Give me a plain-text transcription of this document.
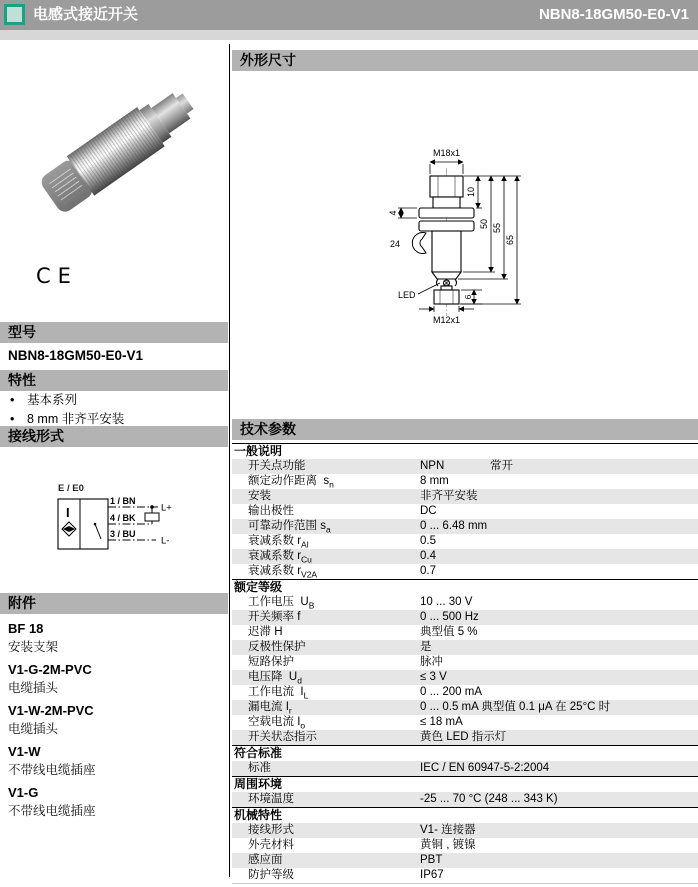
电感式接近开关	NBN8-18GM50-E0-V1
CE
型号
NBN8-18GM50-E0-V1
特性
• 基本系列
• 8 mm 非齐平安装
接线形式
E / E0
I
1 / BN
4 / BK
3 / BU
L+
L-
附件
BF 18
安装支架
V1-G-2M-PVC
电缆插头
V1-W-2M-PVC
电缆插头
V1-W
不带线电缆插座
V1-G
不带线电缆插座
外形尺寸
M18x1
10
50 55
65
4
24
LED	6
M12x1
技术参数
一般说明
开关点功能	NPN	常开
额定动作距离  $s_n$	8 mm
安装	非齐平安装
输出极性	DC
可靠动作范围 $s_a$	0 ... 6.48 mm
衰减系数 $r_{Al}$	0.5
衰减系数 $r_{Cu}$	0.4
衰减系数 $r_{V2A}$	0.7
额定等级
工作电压  $U_B$	10 ... 30 V
开关频率 f	0 ... 500 Hz
迟滞 H	典型值 5 %
反极性保护	是
短路保护	脉冲
电压降  $U_d$	≤ 3 V
工作电流  $I_L$	0 ... 200 mA
漏电流 $I_r$	0 ... 0.5 mA 典型值 0.1 μA 在 25°C 时
空载电流 $I_o$	≤ 18 mA
开关状态指示	黄色 LED 指示灯
符合标准
标准	IEC / EN 60947-5-2:2004
周围环境
环境温度	-25 ... 70 °C (248 ... 343 K)
机械特性
接线形式	V1- 连接器
外壳材料	黄铜 , 镀镍
感应面	PBT
防护等级	IP67
